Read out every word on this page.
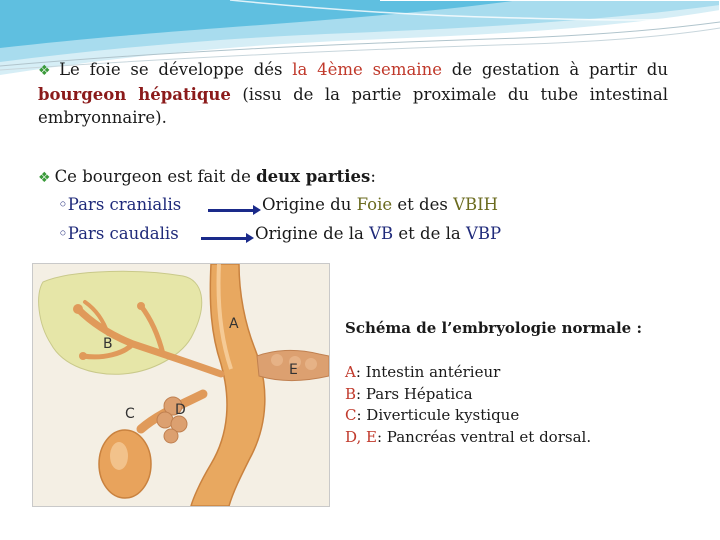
❖ Le foie se développe dés la 4ème semaine de gestation à partir du bourgeon hépatique (issu de la partie proximale du tube intestinal embryonnaire).
❖ Ce bourgeon est fait de deux parties:
◦Pars cranialis	Origine du Foie et des VBIH
◦Pars caudalis	Origine de la VB et de la VBP
A
B
C	D
E
Schéma de l’embryologie normale :
A: Intestin antérieur
B: Pars Hépatica
C: Diverticule kystique
D, E: Pancréas ventral et dorsal.
